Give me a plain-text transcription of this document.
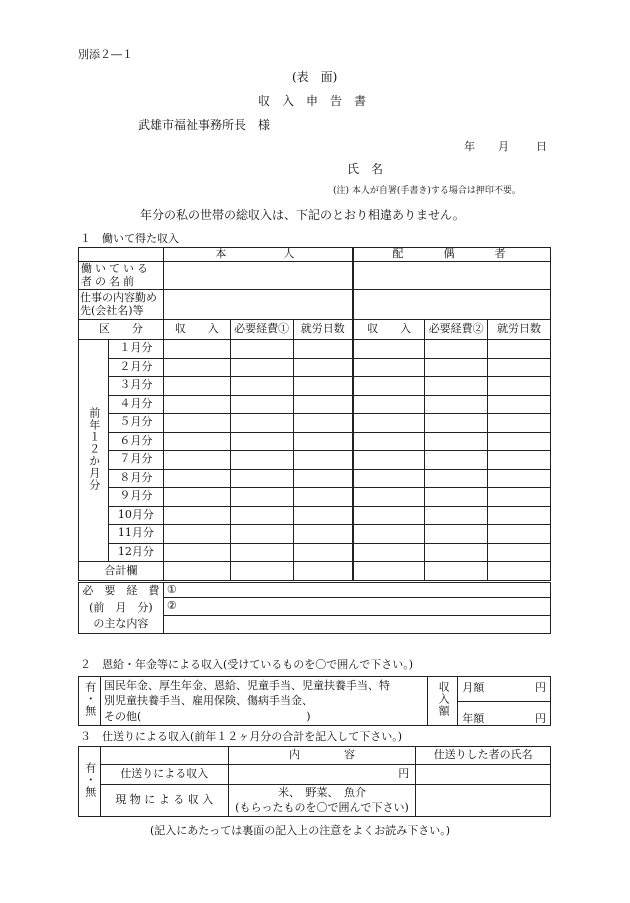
別添２―１
(表　面)
収　入　申　告　書
武雄市福祉事務所長　様
年 月 日
氏　名
(注) 本人が自署(手書き)する場合は押印不要。
年分の私の世帯の総収入は、下記のとおり相違ありません。
１　働いて得た収入
		本　　　人			配　　偶　　者		
働いている者の名前							

仕事の内容勤め
先(会社名)等							

区　　分		収　　入	必要経費①	就労日数	収　　入	必要経費②	就労日数
前年１２か月分	１月分						
	２月分						
	３月分						
	４月分						
	５月分						
	６月分						
	７月分						
	８月分						
	９月分						
	10月分						
	11月分						
	12月分						
合計欄							

必　要　経　費
(前　月　分)
の主な内容		①					
		②					

２　恩給・年金等による収入(受けているものを〇で囲んで下さい。)
有・無	国民年金、厚生年金、恩給、児童手当、児童扶養手当、特
別児童扶養手当、雇用保険、傷病手当金、
その他(　　　　　　　　　　　　　　　)	収入額	月額	円

年額	円
３　仕送りによる収入(前年１２ヶ月分の合計を記入して下さい。)
有・無		内　　　　容	仕送りした者の氏名
	仕送りによる収入	円	
	現 物 に よ る 収 入	米、　野菜、　魚介
(もらったものを〇で囲んで下さい)	

(記入にあたっては裏面の記入上の注意をよくお読み下さい。)
